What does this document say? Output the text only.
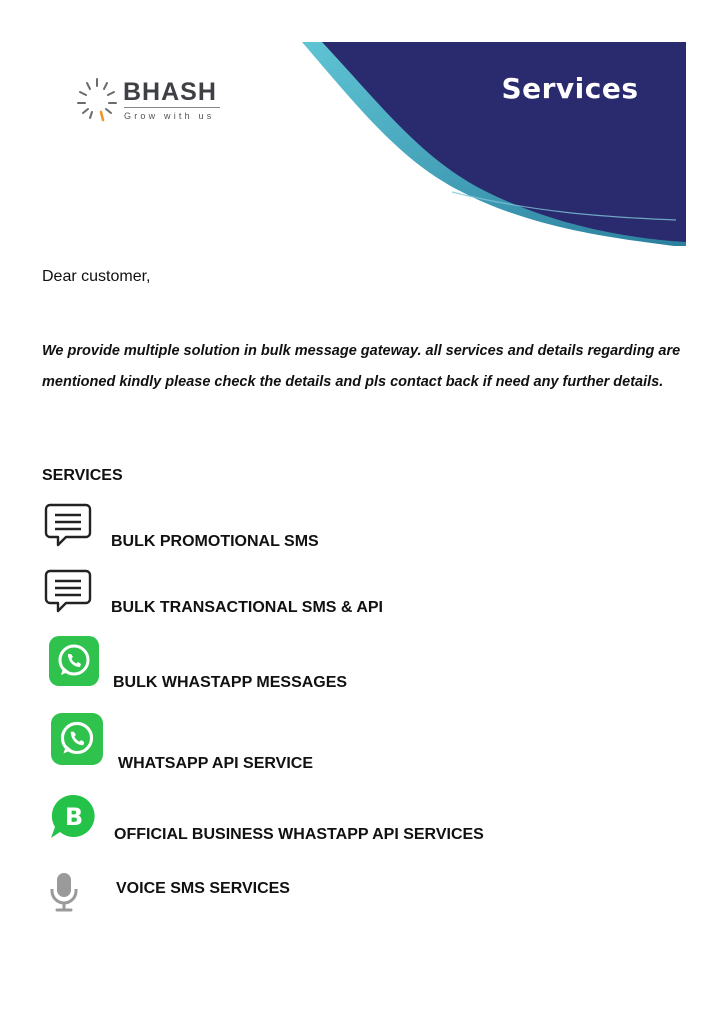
Services
BHASH
Grow with us
Dear customer,
We provide multiple solution in bulk message gateway. all services and details regarding are mentioned kindly please check the details and pls contact back if need any further details.
SERVICES
BULK PROMOTIONAL SMS
BULK TRANSACTIONAL SMS & API
BULK WHASTAPP MESSAGES
WHATSAPP API SERVICE
B
OFFICIAL BUSINESS WHASTAPP API SERVICES
VOICE SMS SERVICES
